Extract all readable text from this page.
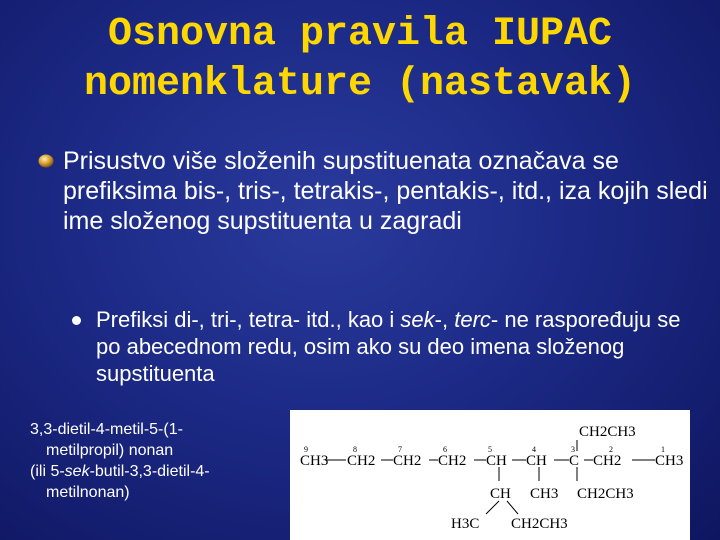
Osnovna pravila IUPAC
nomenklature (nastavak)
Prisustvo više složenih supstituenata označava se prefiksima bis-, tris-, tetrakis-, pentakis-, itd., iza kojih sledi ime složenog supstituenta u zagradi
Prefiksi di-, tri-, tetra- itd., kao i sek-, terc- ne raspoređuju se po abecednom redu, osim ako su deo imena složenog supstituenta
3,3-dietil-4-metil-5-(1-
metilpropil) nonan
(ili 5-sek-butil-3,3-dietil-4-
metilnonan)
CH3
9
CH2
8
CH2
7
CH2
6
CH
5
CH
4
C
3
CH2
2
CH3
1
CH2CH3
CH CH3 CH2CH3
H3C CH2CH3
